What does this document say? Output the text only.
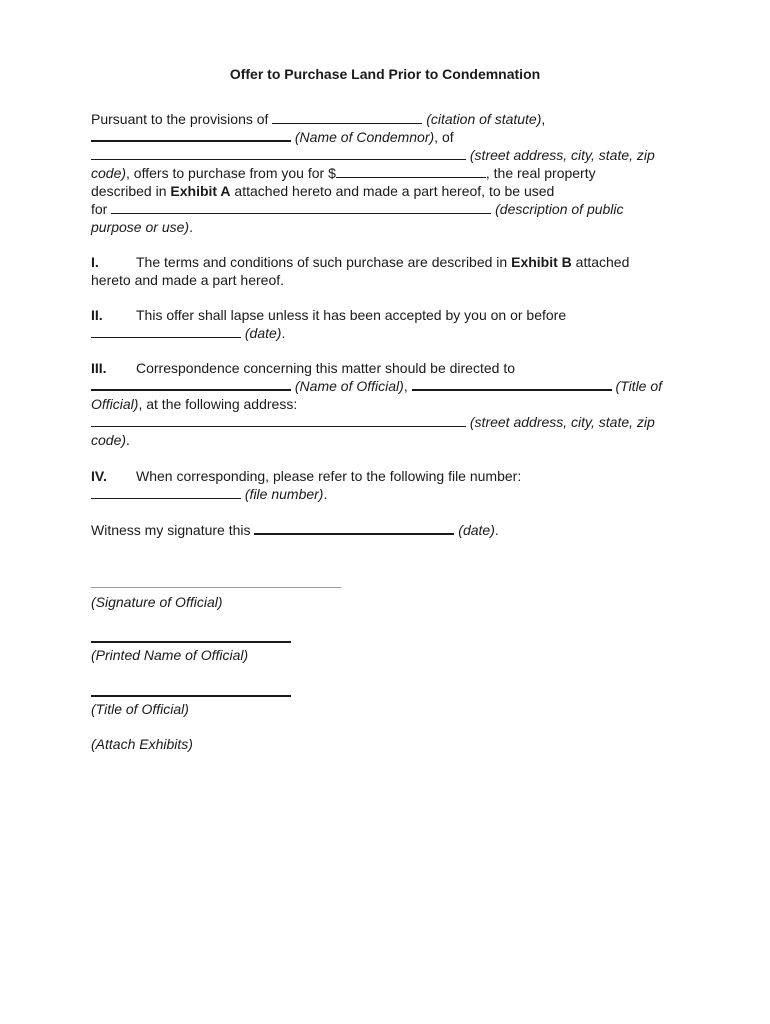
Offer to Purchase Land Prior to Condemnation
Pursuant to the provisions of	(citation of statute),
(Name of Condemnor), of
(street address, city, state, zip
code), offers to purchase from you for $	, the real property
described in Exhibit A attached hereto and made a part hereof, to be used
for	(description of public
purpose or use).
I.	The terms and conditions of such purchase are described in Exhibit B attached
hereto and made a part hereof.
II. This offer shall lapse unless it has been accepted by you on or before
(date).
III. Correspondence concerning this matter should be directed to
(Name of Official),	(Title of
Official), at the following address:
(street address, city, state, zip
code).
IV. When corresponding, please refer to the following file number:
(file number).
Witness my signature this	(date).
(Signature of Official)
(Printed Name of Official)
(Title of Official)
(Attach Exhibits)
